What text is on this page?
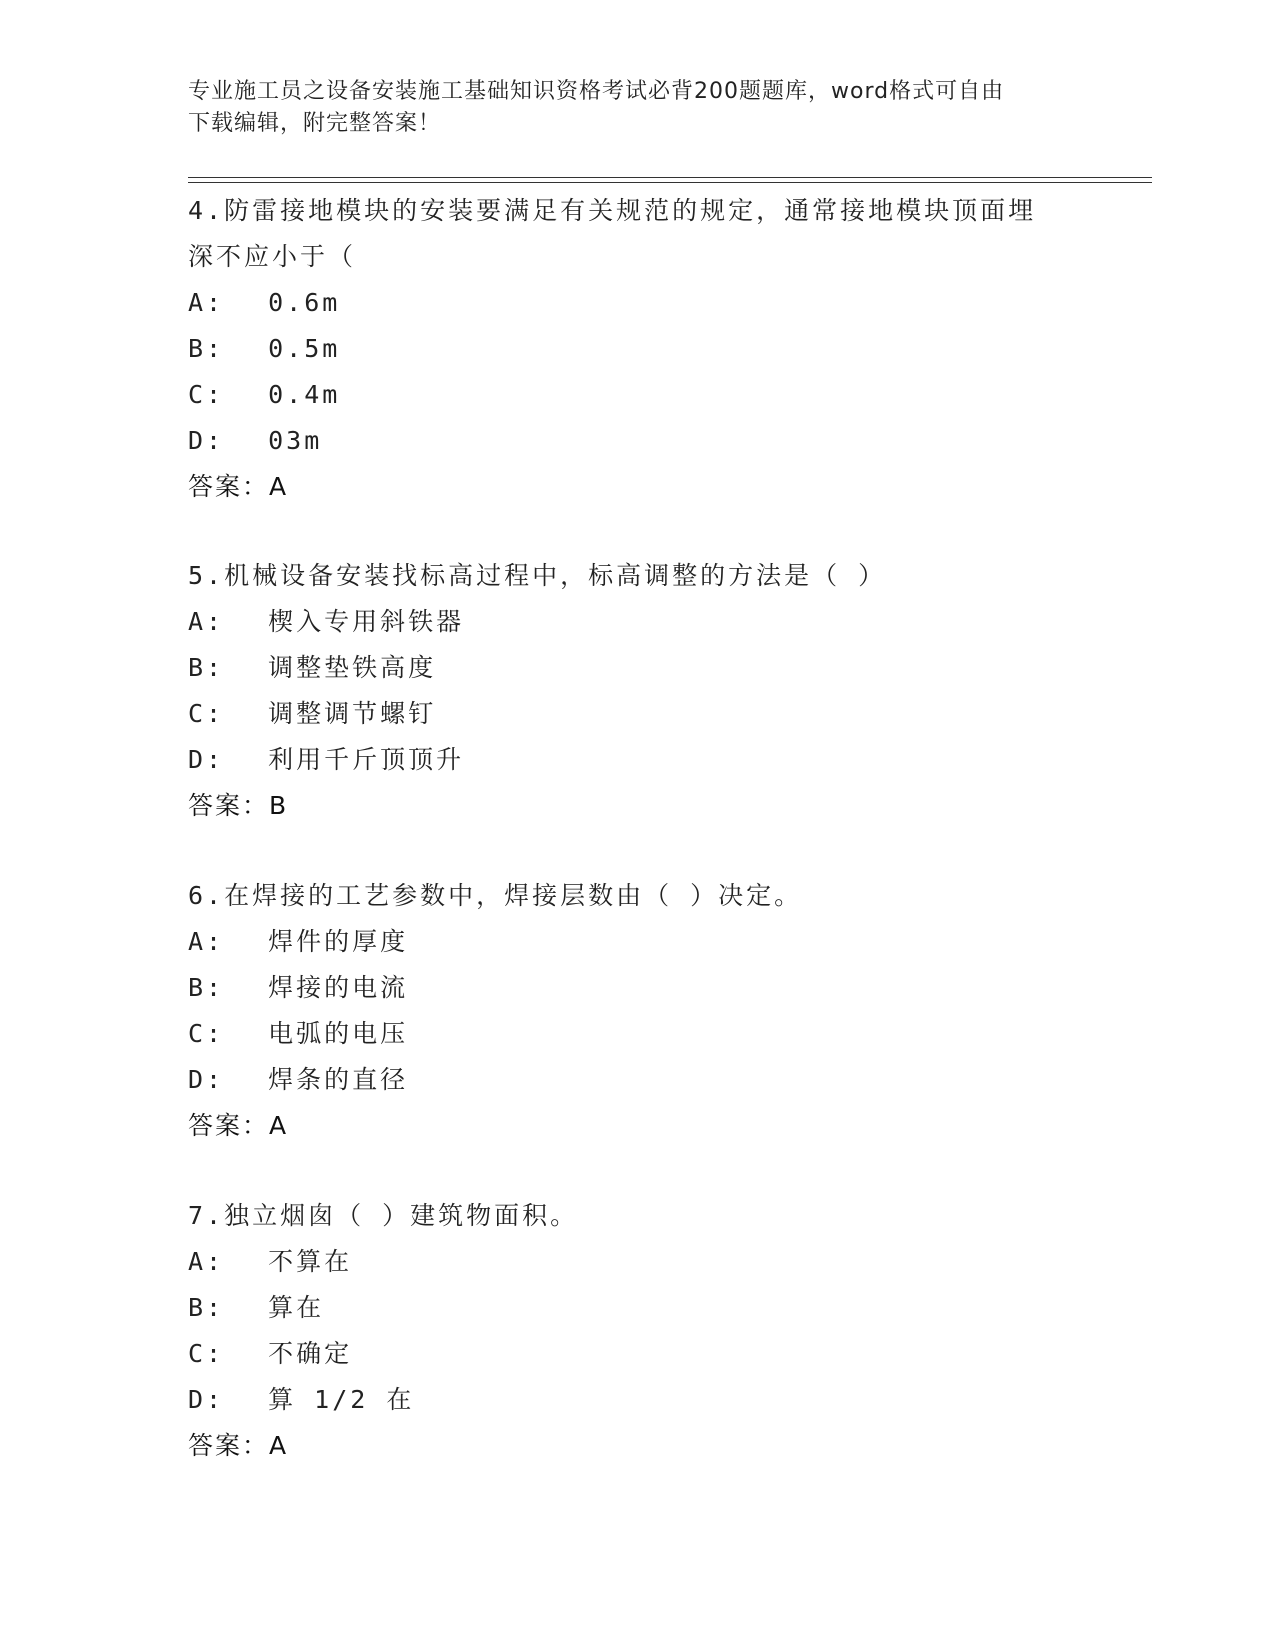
专业施工员之设备安装施工基础知识资格考试必背200题题库，word格式可自由
下载编辑，附完整答案！

4.防雷接地模块的安装要满足有关规范的规定，通常接地模块顶面埋

深不应小于（

A: 0.6m

B: 0.5m

C: 0.4m

D: 03m

答案：A

5.机械设备安装找标高过程中，标高调整的方法是（ ）

A: 楔入专用斜铁器

B: 调整垫铁高度

C: 调整调节螺钉

D: 利用千斤顶顶升

答案：B

6.在焊接的工艺参数中，焊接层数由（ ）决定。

A: 焊件的厚度

B: 焊接的电流

C: 电弧的电压

D: 焊条的直径

答案：A

7.独立烟囱（ ）建筑物面积。

A: 不算在

B: 算在

C: 不确定

D: 算 1/2 在

答案：A
